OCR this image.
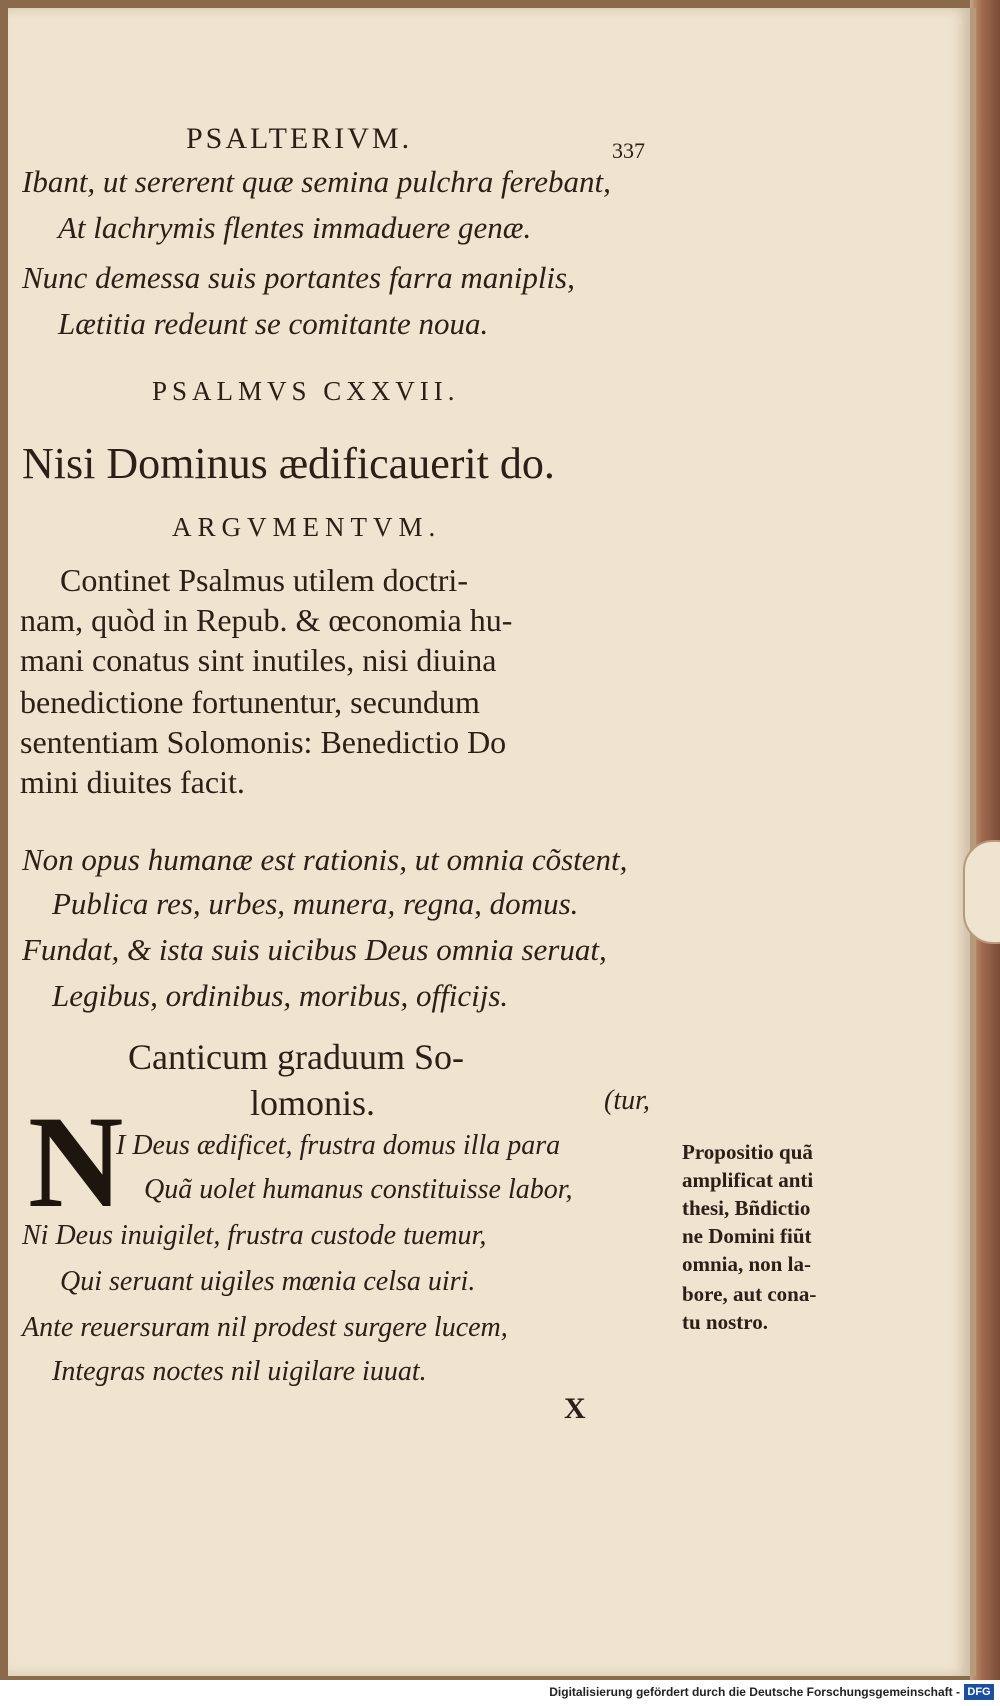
PSALTERIVM.	337
Ibant, ut sererent quæ semina pulchra ferebant,
At lachrymis flentes immaduere genæ.
Nunc demessa suis portantes farra maniplis,
Lætitia redeunt se comitante noua.
PSALMVS CXXVII.
Nisi Dominus ædificauerit do.
ARGVMENTVM.
Continet Psalmus utilem doctri-
nam, quòd in Repub. & œconomia hu-
mani conatus sint inutiles, nisi diuina
benedictione fortunentur, secundum
sententiam Solomonis: Benedictio Do
mini diuites facit.
Non opus humanæ est rationis, ut omnia cõstent,
Publica res, urbes, munera, regna, domus.
Fundat, & ista suis uicibus Deus omnia seruat,
Legibus, ordinibus, moribus, officijs.
Canticum graduum So-
lomonis.	(tur,
N
I Deus ædificet, frustra domus illa para
Quã uolet humanus constituisse labor,
Ni Deus inuigilet, frustra custode tuemur,
Qui seruant uigiles mœnia celsa uiri.
Ante reuersuram nil prodest surgere lucem,
Integras noctes nil uigilare iuuat.
Propositio quã
amplificat anti
thesi, Bñdictio
ne Domini fiũt
omnia, non la-
bore, aut cona-
tu nostro.
X
Digitalisierung gefördert durch die Deutsche Forschungsgemeinschaft - DFG
